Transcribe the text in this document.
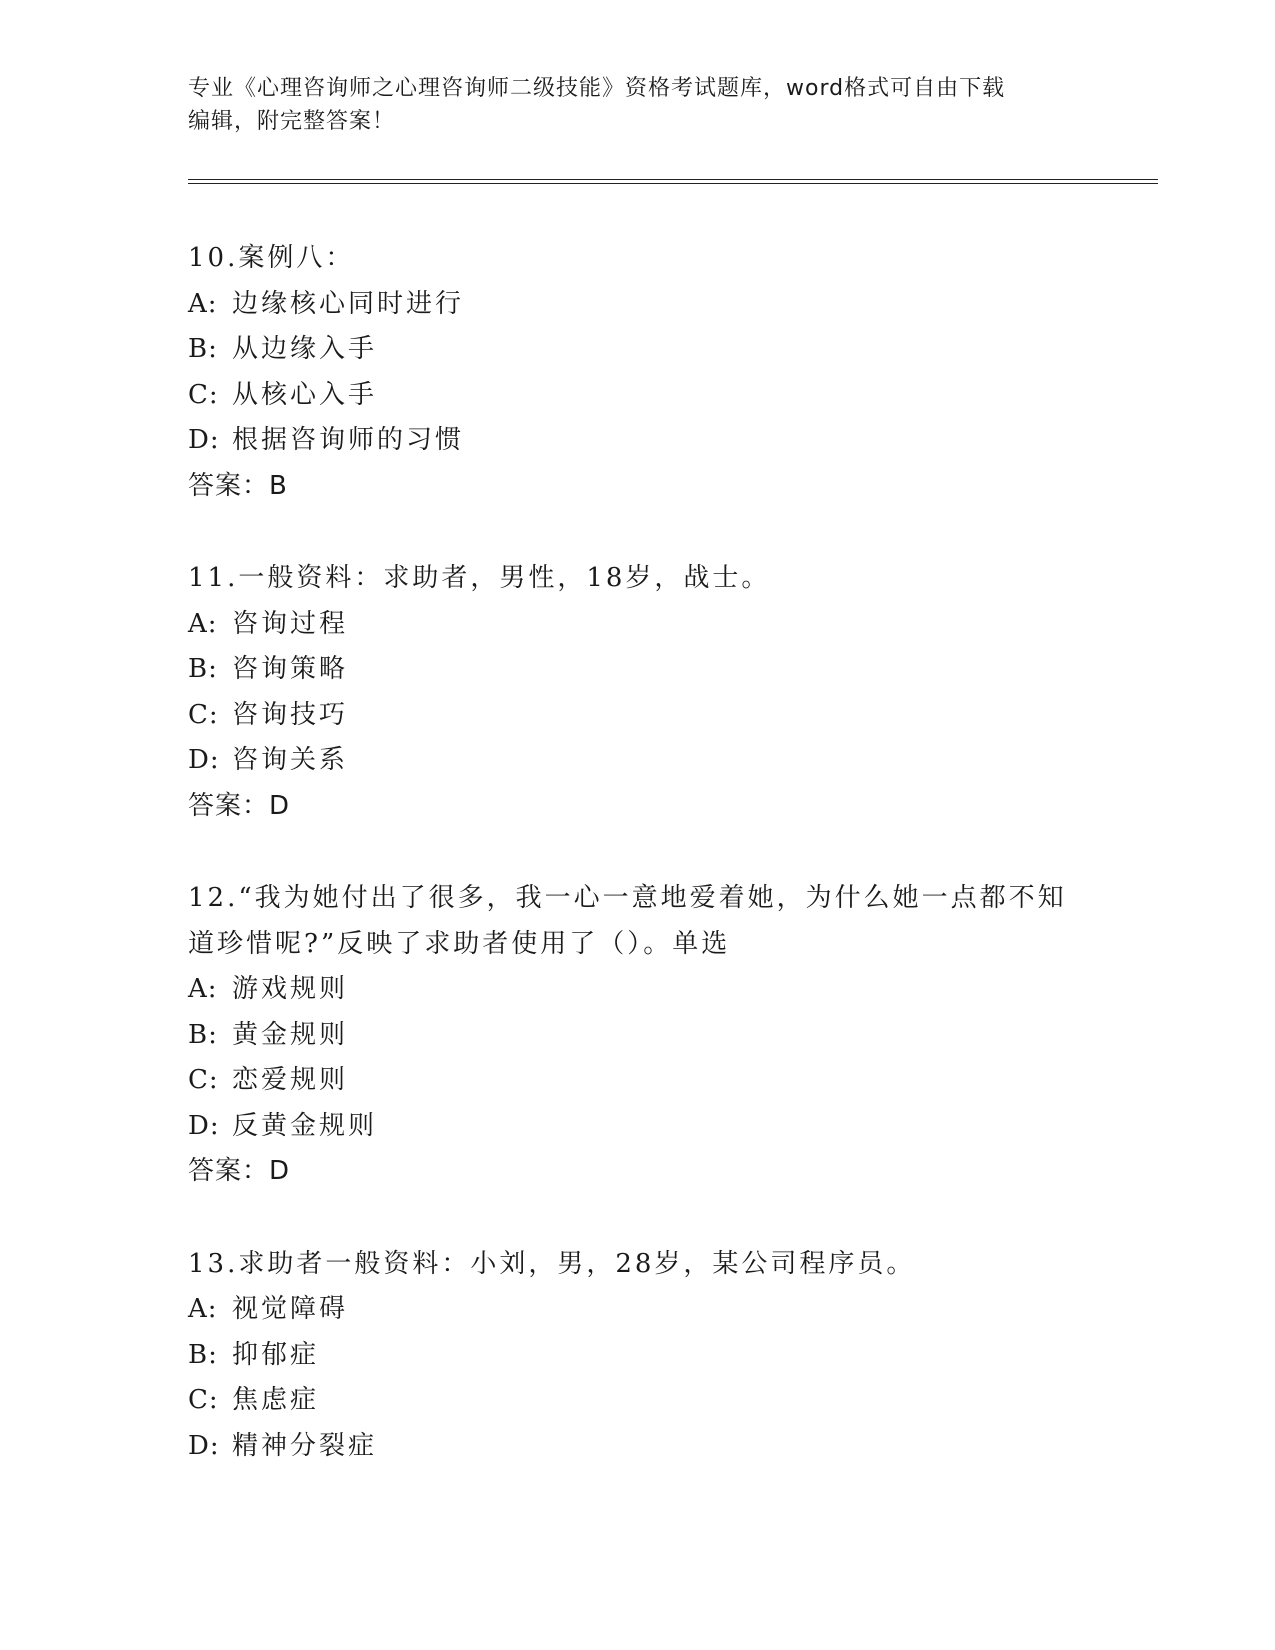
专业《心理咨询师之心理咨询师二级技能》资格考试题库，word格式可自由下载
编辑，附完整答案！
10.案例八：
A: 边缘核心同时进行
B: 从边缘入手
C: 从核心入手
D: 根据咨询师的习惯
答案：B
11.一般资料：求助者，男性，18岁，战士。
A: 咨询过程
B: 咨询策略
C: 咨询技巧
D: 咨询关系
答案：D
12.“我为她付出了很多，我一心一意地爱着她，为什么她一点都不知
道珍惜呢?”反映了求助者使用了（）。单选
A: 游戏规则
B: 黄金规则
C: 恋爱规则
D: 反黄金规则
答案：D
13.求助者一般资料：小刘，男，28岁，某公司程序员。
A: 视觉障碍
B: 抑郁症
C: 焦虑症
D: 精神分裂症
